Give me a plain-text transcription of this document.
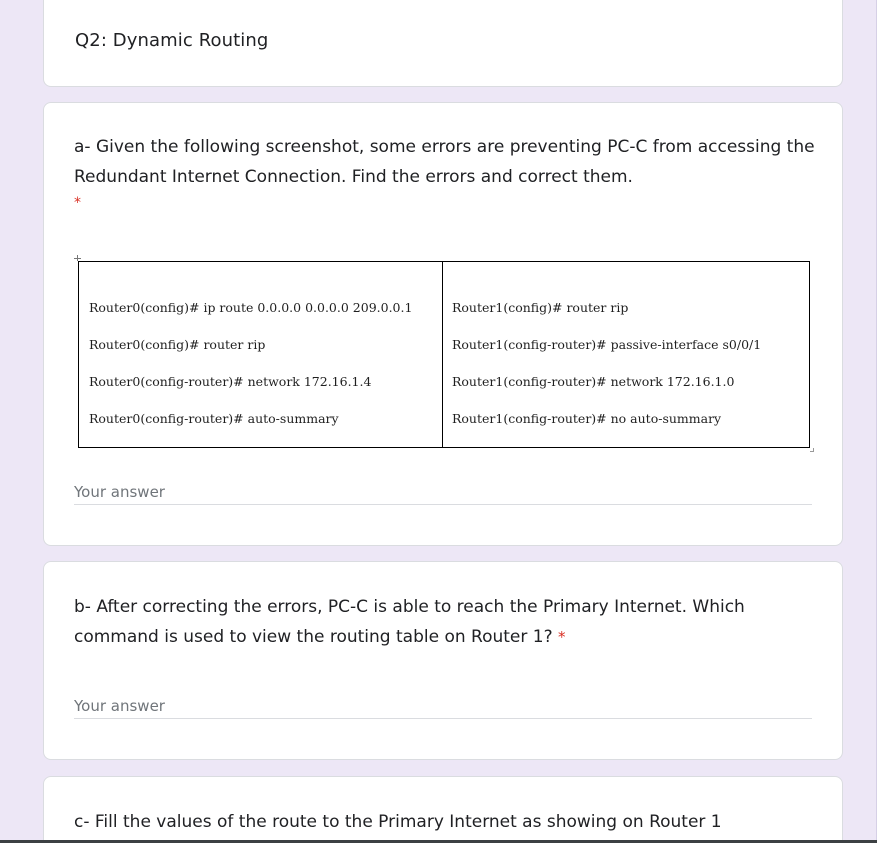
Q2: Dynamic Routing
a- Given the following screenshot, some errors are preventing PC-C from accessing the Redundant Internet Connection. Find the errors and correct them.
*
Router0(config)# ip route 0.0.0.0 0.0.0.0 209.0.0.1
Router0(config)# router rip
Router0(config-router)# network 172.16.1.4
Router0(config-router)# auto-summary
Router1(config)# router rip
Router1(config-router)# passive-interface s0/0/1
Router1(config-router)# network 172.16.1.0
Router1(config-router)# no auto-summary
Your answer
b- After correcting the errors, PC-C is able to reach the Primary Internet. Which command is used to view the routing table on Router 1? *
Your answer
c- Fill the values of the route to the Primary Internet as showing on Router 1
